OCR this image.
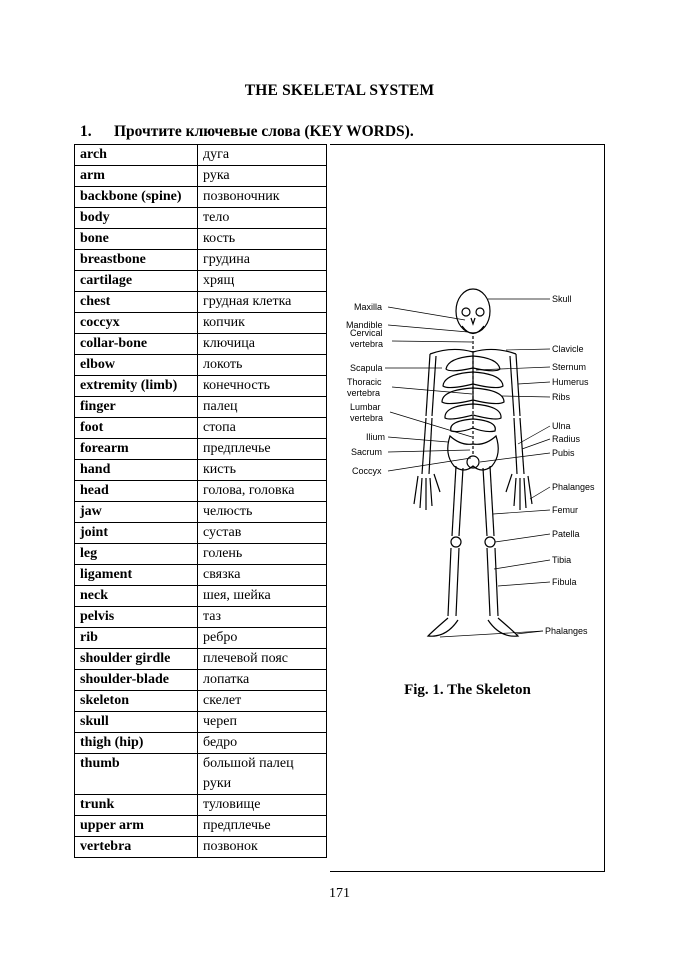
THE SKELETAL SYSTEM
1. Прочтите ключевые слова (KEY WORDS).
arch	дуга
arm	рука
backbone (spine)	позвоночник
body	тело
bone	кость
breastbone	грудина
cartilage	хрящ
chest	грудная клетка
coccyx	копчик
collar-bone	ключица
elbow	локоть
extremity (limb)	конечность
finger	палец
foot	стопа
forearm	предплечье
hand	кисть
head	голова, головка
jaw	челюсть
joint	сустав
leg	голень
ligament	связка
neck	шея, шейка
pelvis	таз
rib	ребро
shoulder girdle	плечевой пояс
shoulder-blade	лопатка
skeleton	скелет
skull	череп
thigh (hip)	бедро
thumb	большой палец руки
trunk	туловище
upper arm	предплечье
vertebra	позвонок
Maxilla
Mandible
Cervical vertebra
Scapula
Thoracic vertebra
Lumbar vertebra
Ilium
Sacrum
Coccyx
Skull
Clavicle
Sternum
Humerus
Ribs
Ulna
Radius
Pubis
Phalanges
Femur
Patella
Tibia
Fibula
Phalanges
Fig. 1. The Skeleton
171
